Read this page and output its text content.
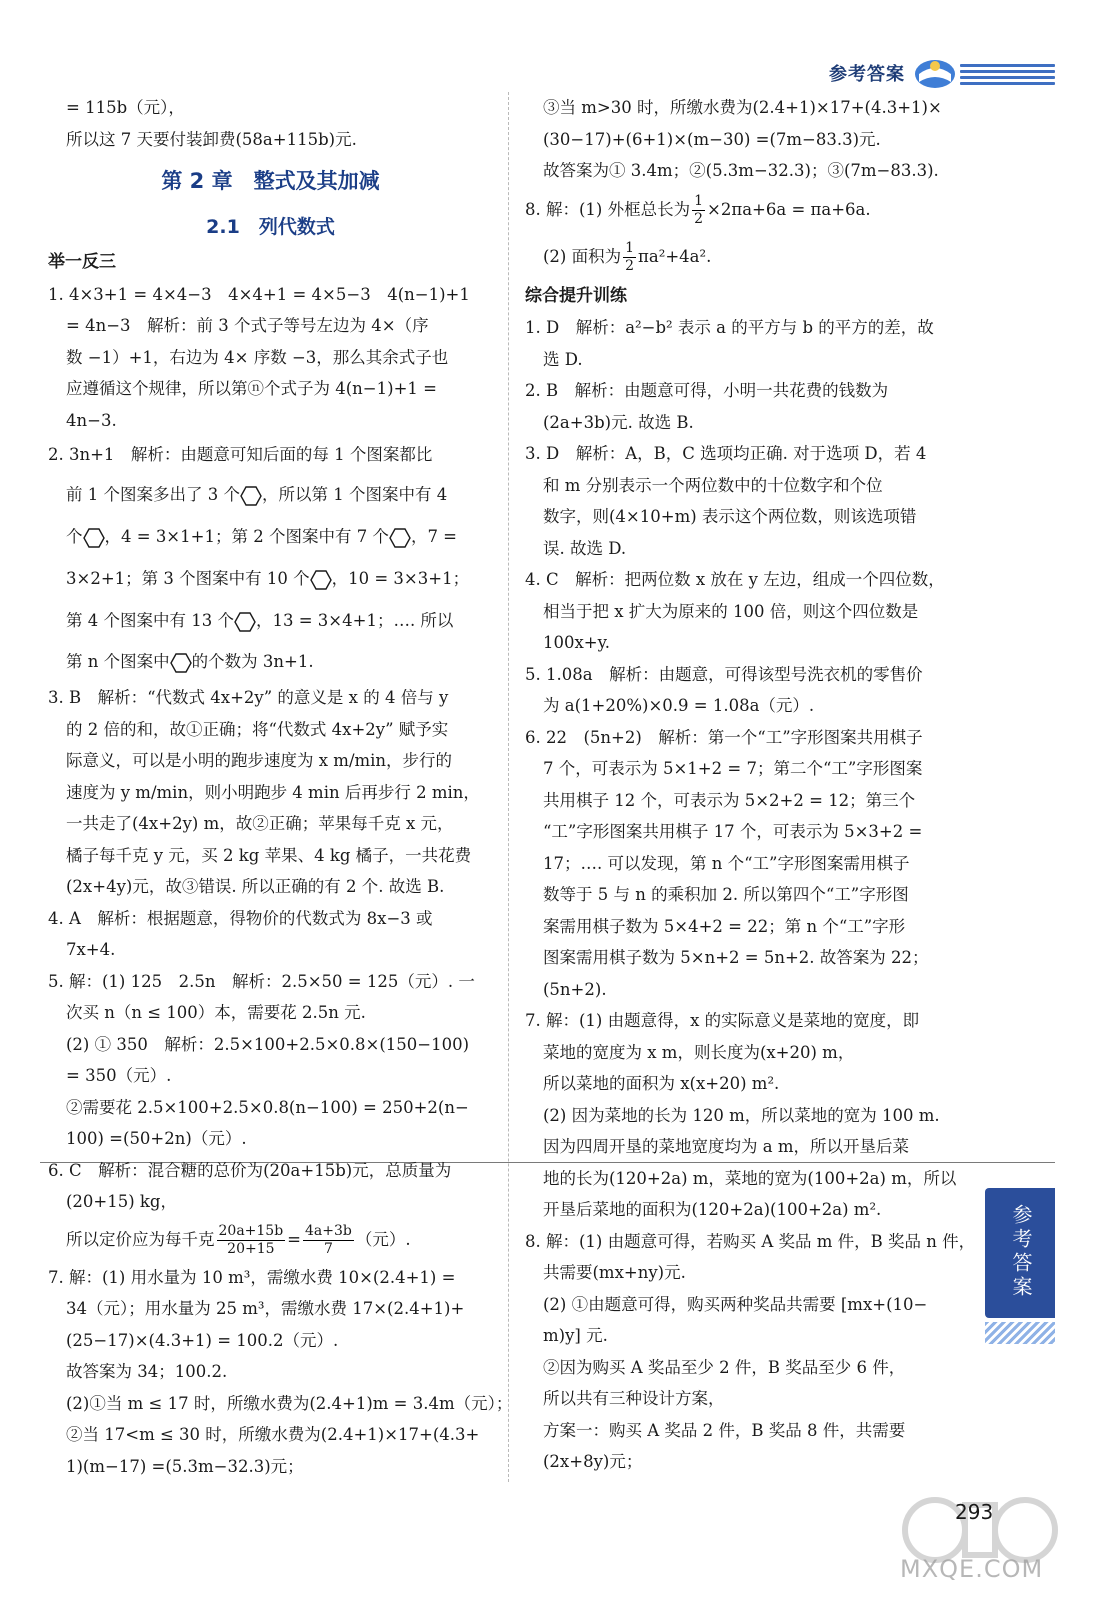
参考答案
= 115b（元），
所以这 7 天要付装卸费(58a+115b)元.
第 2 章　整式及其加减
2.1　列代数式
举一反三
1. 4×3+1 = 4×4−3　4×4+1 = 4×5−3　4(n−1)+1
= 4n−3　解析：前 3 个式子等号左边为 4×（序
数 −1）+1，右边为 4× 序数 −3，那么其余式子也
应遵循这个规律，所以第ⓝ个式子为 4(n−1)+1 =
4n−3.
2. 3n+1　解析：由题意可知后面的每 1 个图案都比
前 1 个图案多出了 3 个 ，所以第 1 个图案中有 4
个 ，4 = 3×1+1；第 2 个图案中有 7 个 ，7 =
3×2+1；第 3 个图案中有 10 个 ，10 = 3×3+1；
第 4 个图案中有 13 个 ，13 = 3×4+1；…. 所以
第 n 个图案中 的个数为 3n+1.
3. B　解析：“代数式 4x+2y” 的意义是 x 的 4 倍与 y
的 2 倍的和，故①正确；将“代数式 4x+2y” 赋予实
际意义，可以是小明的跑步速度为 x m/min，步行的
速度为 y m/min，则小明跑步 4 min 后再步行 2 min，
一共走了(4x+2y) m，故②正确；苹果每千克 x 元，
橘子每千克 y 元，买 2 kg 苹果、4 kg 橘子，一共花费
(2x+4y)元，故③错误. 所以正确的有 2 个. 故选 B.
4. A　解析：根据题意，得物价的代数式为 8x−3 或
7x+4.
5. 解：(1) 125　2.5n　解析：2.5×50 = 125（元）. 一
次买 n（n ≤ 100）本，需要花 2.5n 元.
(2) ① 350　解析：2.5×100+2.5×0.8×(150−100)
= 350（元）.
②需要花 2.5×100+2.5×0.8(n−100) = 250+2(n−
100) =(50+2n)（元）.
6. C　解析：混合糖的总价为(20a+15b)元，总质量为
(20+15) kg，
所以定价应为每千克 $\frac{20a+15b}{20+15} = \frac{4a+3b}{7}$ （元）.
7. 解：(1) 用水量为 10 m³，需缴水费 10×(2.4+1) =
34（元）；用水量为 25 m³，需缴水费 17×(2.4+1)+
(25−17)×(4.3+1) = 100.2（元）.
故答案为 34；100.2.
(2)①当 m ≤ 17 时，所缴水费为(2.4+1)m = 3.4m（元）；
②当 17<m ≤ 30 时，所缴水费为(2.4+1)×17+(4.3+
1)(m−17) =(5.3m−32.3)元；
③当 m>30 时，所缴水费为(2.4+1)×17+(4.3+1)×
(30−17)+(6+1)×(m−30) =(7m−83.3)元.
故答案为① 3.4m；②(5.3m−32.3)；③(7m−83.3).
8. 解：(1) 外框总长为 $\frac{1}{2} \times 2\pi a+6a = \pi a+6a$.
(2) 面积为 $\frac{1}{2} \pi a^2+4a^2$.
综合提升训练
1. D　解析：a²−b² 表示 a 的平方与 b 的平方的差，故
选 D.
2. B　解析：由题意可得，小明一共花费的钱数为
(2a+3b)元. 故选 B.
3. D　解析：A，B，C 选项均正确. 对于选项 D，若 4
和 m 分别表示一个两位数中的十位数字和个位
数字，则(4×10+m) 表示这个两位数，则该选项错
误. 故选 D.
4. C　解析：把两位数 x 放在 y 左边，组成一个四位数，
相当于把 x 扩大为原来的 100 倍，则这个四位数是
100x+y.
5. 1.08a　解析：由题意，可得该型号洗衣机的零售价
为 a(1+20%)×0.9 = 1.08a（元）.
6. 22　(5n+2)　解析：第一个“工”字形图案共用棋子
7 个，可表示为 5×1+2 = 7；第二个“工”字形图案
共用棋子 12 个，可表示为 5×2+2 = 12；第三个
“工”字形图案共用棋子 17 个，可表示为 5×3+2 =
17；…. 可以发现，第 n 个“工”字形图案需用棋子
数等于 5 与 n 的乘积加 2. 所以第四个“工”字形图
案需用棋子数为 5×4+2 = 22；第 n 个“工”字形
图案需用棋子数为 5×n+2 = 5n+2. 故答案为 22；
(5n+2).
7. 解：(1) 由题意得，x 的实际意义是菜地的宽度，即
菜地的宽度为 x m，则长度为(x+20) m，
所以菜地的面积为 x(x+20) m².
(2) 因为菜地的长为 120 m，所以菜地的宽为 100 m.
因为四周开垦的菜地宽度均为 a m，所以开垦后菜
地的长为(120+2a) m，菜地的宽为(100+2a) m，所以
开垦后菜地的面积为(120+2a)(100+2a) m².
8. 解：(1) 由题意可得，若购买 A 奖品 m 件，B 奖品 n 件，
共需要(mx+ny)元.
(2) ①由题意可得，购买两种奖品共需要 [mx+(10−
m)y] 元.
②因为购买 A 奖品至少 2 件，B 奖品至少 6 件，
所以共有三种设计方案，
方案一：购买 A 奖品 2 件，B 奖品 8 件，共需要
(2x+8y)元；
参考答案
293
MXQE.COM
